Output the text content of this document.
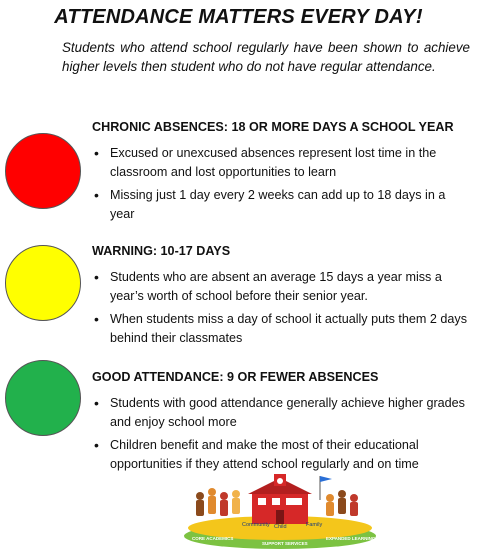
ATTENDANCE MATTERS EVERY DAY!
Students who attend school regularly have been shown to achieve higher levels then student who do not have regular attendance.
CHRONIC ABSENCES: 18 OR MORE DAYS A SCHOOL YEAR
• Excused or unexcused absences represent lost time in the classroom and lost opportunities to learn
• Missing just 1 day every 2 weeks can add up to 18 days in a year
WARNING: 10-17 DAYS
• Students who are absent an average 15 days a year miss a year’s worth of school before their senior year.
• When students miss a day of school it actually puts them 2 days behind their classmates
GOOD ATTENDANCE: 9 OR FEWER ABSENCES
• Students with good attendance generally achieve higher grades and enjoy school more
• Children benefit and make the most of their educational opportunities if they attend school regularly and on time
Community Child	Family
CORE ACADEMICS
SUPPORT SERVICES
EXPANDED LEARNING
